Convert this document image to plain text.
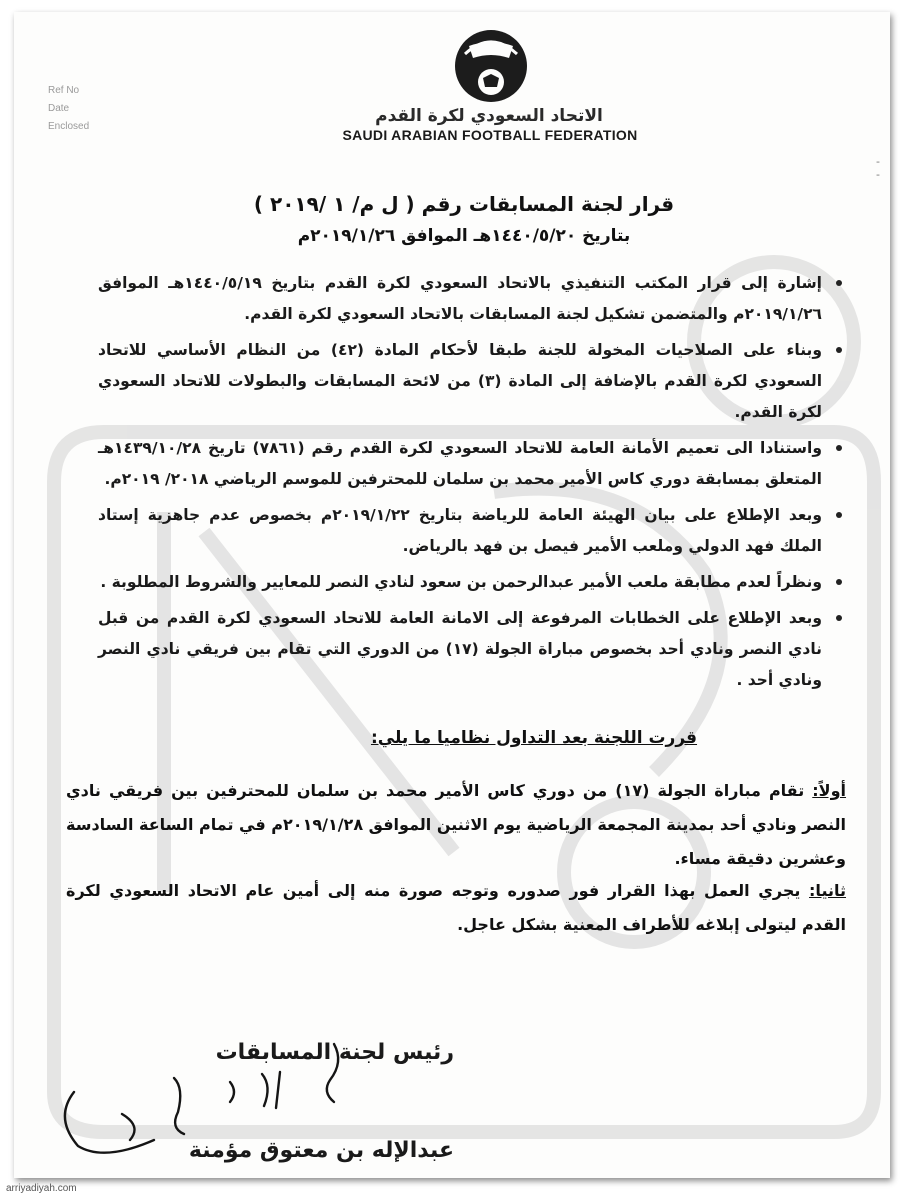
الاتحاد السعودي لكرة القدم
SAUDI ARABIAN FOOTBALL FEDERATION
Ref No
Date
Enclosed
- -
قرار لجنة المسابقات رقم ( ل م/ ١ /٢٠١٩ )
بتاريخ ١٤٤٠/٥/٢٠هـ الموافق ٢٠١٩/١/٢٦م
إشارة إلى قرار المكتب التنفيذي بالاتحاد السعودي لكرة القدم بتاريخ ١٤٤٠/٥/١٩هـ الموافق ٢٠١٩/١/٢٦م والمتضمن تشكيل لجنة المسابقات بالاتحاد السعودي لكرة القدم.
وبناء على الصلاحيات المخولة للجنة طبقا لأحكام المادة (٤٢) من النظام الأساسي للاتحاد السعودي لكرة القدم بالإضافة إلى المادة (٣) من لائحة المسابقات والبطولات للاتحاد السعودي لكرة القدم.
واستنادا الى تعميم الأمانة العامة للاتحاد السعودي لكرة القدم رقم (٧٨٦١) تاريخ ١٤٣٩/١٠/٢٨هـ المتعلق بمسابقة دوري كاس الأمير محمد بن سلمان للمحترفين للموسم الرياضي ٢٠١٨/ ٢٠١٩م.
وبعد الإطلاع على بيان الهيئة العامة للرياضة بتاريخ ٢٠١٩/١/٢٢م بخصوص عدم جاهزية إستاد الملك فهد الدولي وملعب الأمير فيصل بن فهد بالرياض.
ونظراً لعدم مطابقة ملعب الأمير عبدالرحمن بن سعود لنادي النصر للمعايير والشروط المطلوبة .
وبعد الإطلاع على الخطابات المرفوعة إلى الامانة العامة للاتحاد السعودي لكرة القدم من قبل نادي النصر ونادي أحد بخصوص مباراة الجولة (١٧) من الدوري التي تقام بين فريقي نادي النصر ونادي أحد .
قررت اللجنة بعد التداول نظاميا ما يلي:
أولاً: تقام مباراة الجولة (١٧) من دوري كاس الأمير محمد بن سلمان للمحترفين بين فريقي نادي النصر ونادي أحد بمدينة المجمعة الرياضية يوم الاثنين الموافق ٢٠١٩/١/٢٨م في تمام الساعة السادسة وعشرين دقيقة مساء.
ثانيا: يجري العمل بهذا القرار فور صدوره وتوجه صورة منه إلى أمين عام الاتحاد السعودي لكرة القدم ليتولى إبلاغه للأطراف المعنية بشكل عاجل.
رئيس لجنة المسابقات
عبدالإله بن معتوق مؤمنة
arriyadiyah.com
